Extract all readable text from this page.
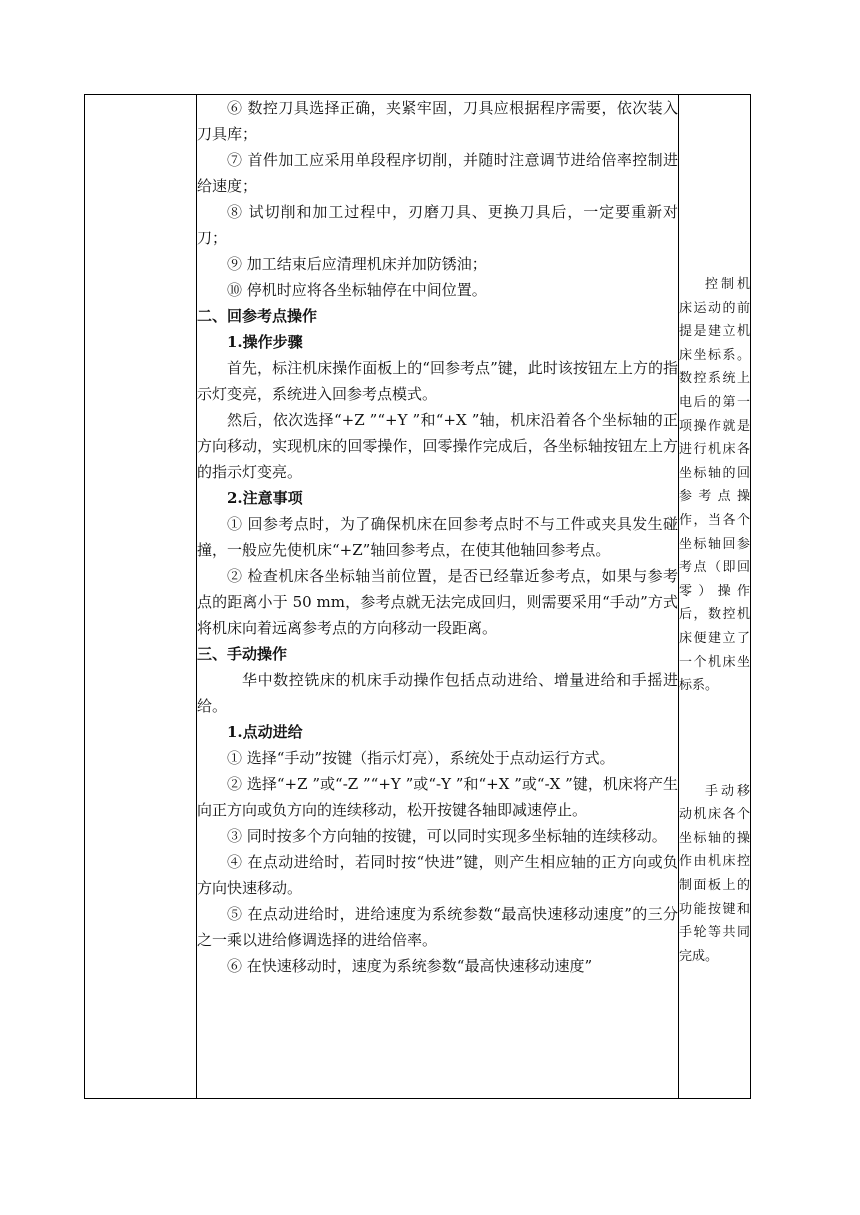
⑥ 数控刀具选择正确，夹紧牢固，刀具应根据程序需要，依次装入刀具库；

⑦ 首件加工应采用单段程序切削，并随时注意调节进给倍率控制进给速度；

⑧ 试切削和加工过程中，刃磨刀具、更换刀具后，一定要重新对刀；

⑨ 加工结束后应清理机床并加防锈油；

⑩ 停机时应将各坐标轴停在中间位置。

二、回参考点操作

1.操作步骤

首先，标注机床操作面板上的“回参考点”键，此时该按钮左上方的指示灯变亮，系统进入回参考点模式。

然后，依次选择“+Z ”“+Y ”和“+X ”轴，机床沿着各个坐标轴的正方向移动，实现机床的回零操作，回零操作完成后，各坐标轴按钮左上方的指示灯变亮。

2.注意事项

① 回参考点时，为了确保机床在回参考点时不与工件或夹具发生碰撞，一般应先使机床“+Z”轴回参考点，在使其他轴回参考点。

② 检查机床各坐标轴当前位置，是否已经靠近参考点，如果与参考点的距离小于 50 mm，参考点就无法完成回归，则需要采用“手动”方式将机床向着远离参考点的方向移动一段距离。

三、手动操作

华中数控铣床的机床手动操作包括点动进给、增量进给和手摇进给。

1.点动进给

① 选择“手动”按键（指示灯亮），系统处于点动运行方式。

② 选择“+Z ”或“-Z ”“+Y ”或“-Y ”和“+X ”或“-X ”键，机床将产生向正方向或负方向的连续移动，松开按键各轴即减速停止。

③ 同时按多个方向轴的按键，可以同时实现多坐标轴的连续移动。

④ 在点动进给时，若同时按“快进”键，则产生相应轴的正方向或负方向快速移动。

⑤ 在点动进给时，进给速度为系统参数“最高快速移动速度”的三分之一乘以进给修调选择的进给倍率。

⑥ 在快速移动时，速度为系统参数“最高快速移动速度”

控制机床运动的前提是建立机床坐标系。数控系统上电后的第一项操作就是进行机床各坐标轴的回参考点操作，当各个坐标轴回参考点（即回零）操作后，数控机床便建立了一个机床坐标系。

手动移动机床各个坐标轴的操作由机床控制面板上的功能按键和手轮等共同完成。
